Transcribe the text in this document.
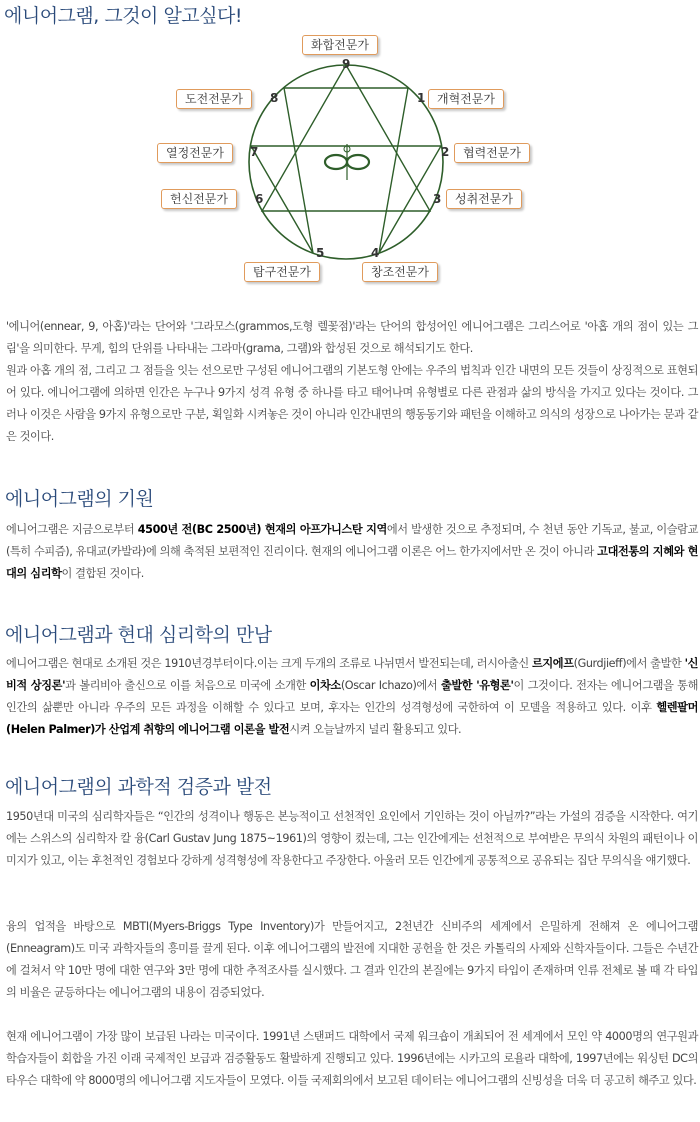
에니어그램, 그것이 알고싶다!
9
화합전문가
1 개혁전문가
2	협력전문가
3	성취전문가
4
창조전문가
5
탐구전문가
6
헌신전문가
7
열정전문가
8
도전전문가

'에니어(ennear, 9, 아홉)'라는 단어와 '그라모스(grammos,도형 렐꽃점)'라는 단어의 합성어인 에니어그램은 그리스어로 '아홉 개의 점이 있는 그림'을 의미한다. 무게, 힘의 단위를 나타내는 그라마(grama, 그램)와 합성된 것으로 해석되기도 한다.

원과 아홉 개의 점, 그리고 그 점들을 잇는 선으로만 구성된 에니어그램의 기본도형 안에는 우주의 법칙과 인간 내면의 모든 것들이 상징적으로 표현되어 있다. 에니어그램에 의하면 인간은 누구나 9가지 성격 유형 중 하나를 타고 태어나며 유형별로 다른 관점과 삶의 방식을 가지고 있다는 것이다. 그러나 이것은 사람을 9가지 유형으로만 구분, 획일화 시켜놓은 것이 아니라 인간내면의 행동동기와 패턴을 이해하고 의식의 성장으로 나아가는 문과 같은 것이다.

에니어그램의 기원

에니어그램은 지금으로부터 4500년 전(BC 2500년) 현재의 아프가니스탄 지역에서 발생한 것으로 추정되며, 수 천년 동안 기독교, 불교, 이슬람교(특히 수피즘), 유대교(카발라)에 의해 축적된 보편적인 진리이다. 현재의 에니어그램 이론은 어느 한가지에서만 온 것이 아니라 고대전통의 지혜와 현대의 심리학이 결합된 것이다.

에니어그램과 현대 심리학의 만남

에니어그램은 현대로 소개된 것은 1910년경부터이다.이는 크게 두개의 조류로 나뉘면서 발전되는데, 러시아출신 르지에프(Gurdjieff)에서 출발한 '신비적 상징론'과 볼리비아 출신으로 이를 처음으로 미국에 소개한 이차소(Oscar Ichazo)에서 출발한 '유형론'이 그것이다. 전자는 에니어그램을 통해 인간의 삶뿐만 아니라 우주의 모든 과정을 이해할 수 있다고 보며, 후자는 인간의 성격형성에 국한하여 이 모델을 적용하고 있다. 이후 헬렌팔머(Helen Palmer)가 산업계 취향의 에니어그램 이론을 발전시켜 오늘날까지 널리 활용되고 있다.

에니어그램의 과학적 검증과 발전

1950년대 미국의 심리학자들은 “인간의 성격이나 행동은 본능적이고 선천적인 요인에서 기인하는 것이 아닐까?”라는 가설의 검증을 시작한다. 여기에는 스위스의 심리학자 칼 융(Carl Gustav Jung 1875~1961)의 영향이 컸는데, 그는 인간에게는 선천적으로 부여받은 무의식 차원의 패턴이나 이미지가 있고, 이는 후천적인 경험보다 강하게 성격형성에 작용한다고 주장한다. 아울러 모든 인간에게 공통적으로 공유되는 집단 무의식을 얘기했다.

융의 업적을 바탕으로 MBTI(Myers-Briggs Type Inventory)가 만들어지고, 2천년간 신비주의 세계에서 은밀하게 전해져 온 에니어그램(Enneagram)도 미국 과학자들의 흥미를 끌게 된다. 이후 에니어그램의 발전에 지대한 공헌을 한 것은 카톨릭의 사제와 신학자들이다. 그들은 수년간에 걸쳐서 약 10만 명에 대한 연구와 3만 명에 대한 추적조사를 실시했다. 그 결과 인간의 본질에는 9가지 타입이 존재하며 인류 전체로 볼 때 각 타입의 비율은 균등하다는 에니어그램의 내용이 검증되었다.

현재 에니어그램이 가장 많이 보급된 나라는 미국이다. 1991년 스탠퍼드 대학에서 국제 워크숍이 개최되어 전 세계에서 모인 약 4000명의 연구원과 학습자들이 회합을 가진 이래 국제적인 보급과 검증활동도 활발하게 진행되고 있다. 1996년에는 시카고의 로욜라 대학에, 1997년에는 워싱턴 DC의 타우슨 대학에 약 8000명의 에니어그램 지도자들이 모였다. 이들 국제회의에서 보고된 데이터는 에니어그램의 신빙성을 더욱 더 공고히 해주고 있다.
